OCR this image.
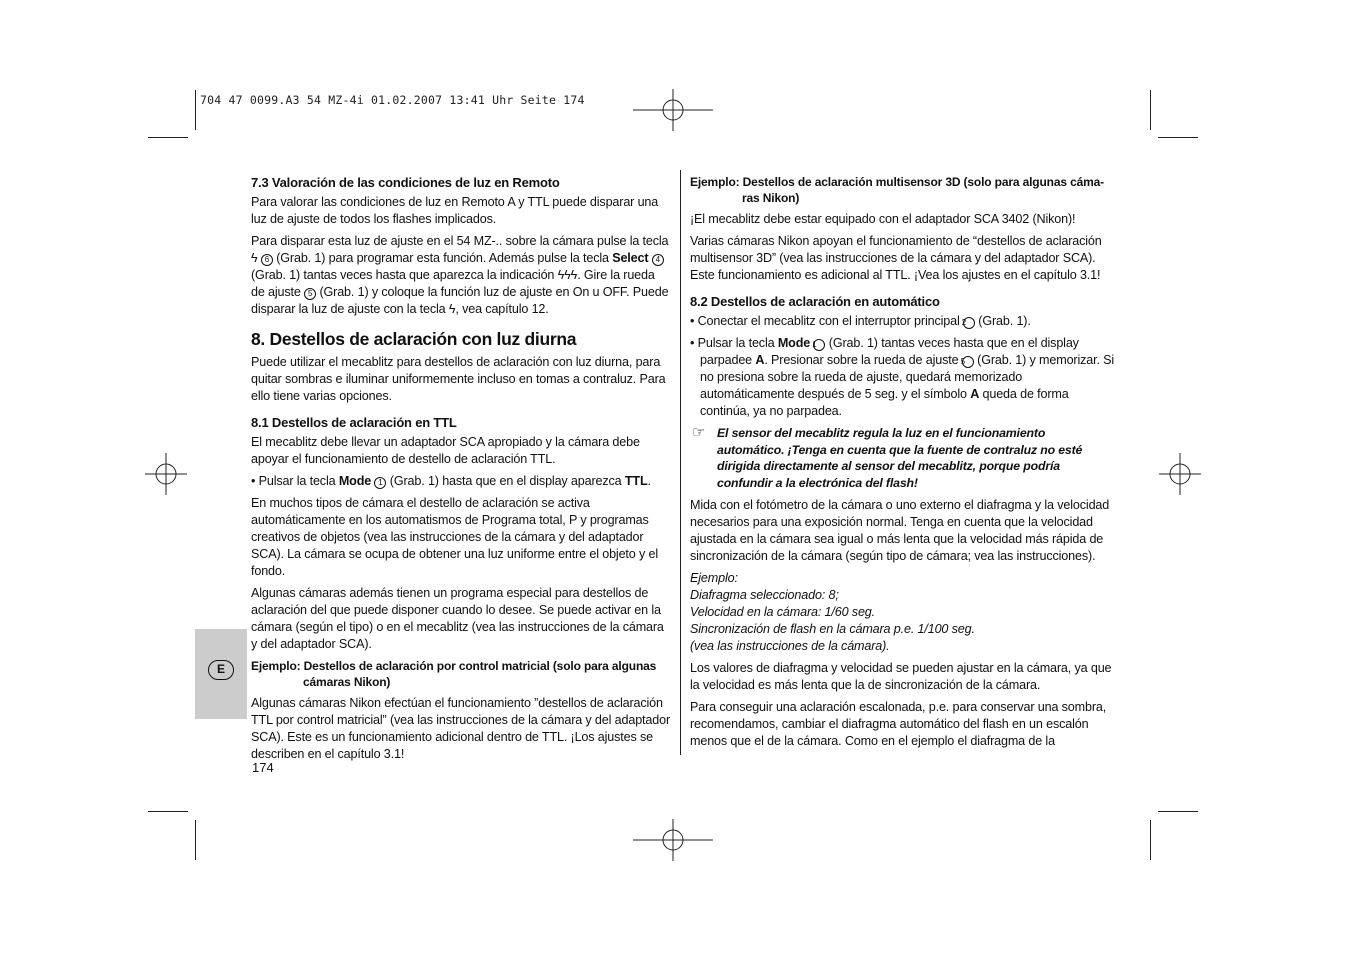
704 47 0099.A3 54 MZ-4i 01.02.2007 13:41 Uhr Seite 174
7.3 Valoración de las condiciones de luz en Remoto

Para valorar las condiciones de luz en Remoto A y TTL puede disparar una luz de ajuste de todos los flashes implicados.

Para disparar esta luz de ajuste en el 54 MZ-.. sobre la cámara pulse la tecla ϟ 6 (Grab. 1) para programar esta función. Además pulse la tecla Select 4 (Grab. 1) tantas veces hasta que aparezca la indicación ϟϟϟ. Gire la rueda de ajuste 5 (Grab. 1) y coloque la función luz de ajuste en On u OFF. Puede disparar la luz de ajuste con la tecla ϟ, vea capítulo 12.

8. Destellos de aclaración con luz diurna

Puede utilizar el mecablitz para destellos de aclaración con luz diurna, para quitar sombras e iluminar uniformemente incluso en tomas a contraluz. Para ello tiene varias opciones.

8.1 Destellos de aclaración en TTL

El mecablitz debe llevar un adaptador SCA apropiado y la cámara debe apoyar el funcionamiento de destello de aclaración TTL.

• Pulsar la tecla Mode 1 (Grab. 1) hasta que en el display aparezca TTL.

En muchos tipos de cámara el destello de aclaración se activa automáticamente en los automatismos de Programa total, P y programas creativos de objetos (vea las instrucciones de la cámara y del adaptador SCA). La cámara se ocupa de obtener una luz uniforme entre el objeto y el fondo.

Algunas cámaras además tienen un programa especial para destellos de aclaración del que puede disponer cuando lo desee. Se puede activar en la cámara (según el tipo) o en el mecablitz (vea las instrucciones de la cámara y del adaptador SCA).

Ejemplo: Destellos de aclaración por control matricial (solo para algunas
cámaras Nikon)

Algunas cámaras Nikon efectúan el funcionamiento ”destellos de aclaración TTL por control matricial” (vea las instrucciones de la cámara y del adaptador SCA). Este es un funcionamiento adicional dentro de TTL. ¡Los ajustes se describen en el capítulo 3.1!

Ejemplo: Destellos de aclaración multisensor 3D (solo para algunas cáma-
ras Nikon)

¡El mecablitz debe estar equipado con el adaptador SCA 3402 (Nikon)!

Varias cámaras Nikon apoyan el funcionamiento de “destellos de aclaración multisensor 3D” (vea las instrucciones de la cámara y del adaptador SCA). Este funcionamiento es adicional al TTL. ¡Vea los ajustes en el capítulo 3.1!

8.2 Destellos de aclaración en automático

• Conectar el mecablitz con el interruptor principal 2 (Grab. 1).

• Pulsar la tecla Mode 1 (Grab. 1) tantas veces hasta que en el display parpadee A. Presionar sobre la rueda de ajuste 5 (Grab. 1) y memorizar. Si no presiona sobre la rueda de ajuste, quedará memorizado automáticamente después de 5 seg. y el símbolo A queda de forma continúa, ya no parpadea.

☞ El sensor del mecablitz regula la luz en el funcionamiento automático. ¡Tenga en cuenta que la fuente de contraluz no esté dirigida directamente al sensor del mecablitz, porque podría confundir a la electrónica del flash!

Mida con el fotómetro de la cámara o uno externo el diafragma y la velocidad necesarios para una exposición normal. Tenga en cuenta que la velocidad ajustada en la cámara sea igual o más lenta que la velocidad más rápida de sincronización de la cámara (según tipo de cámara; vea las instrucciones).

Ejemplo:
Diafragma seleccionado: 8;
Velocidad en la cámara: 1/60 seg.
Sincronización de flash en la cámara p.e. 1/100 seg.
(vea las instrucciones de la cámara).

Los valores de diafragma y velocidad se pueden ajustar en la cámara, ya que la velocidad es más lenta que la de sincronización de la cámara.

Para conseguir una aclaración escalonada, p.e. para conservar una sombra, recomendamos, cambiar el diafragma automático del flash en un escalón menos que el de la cámara. Como en el ejemplo el diafragma de la

E
174
